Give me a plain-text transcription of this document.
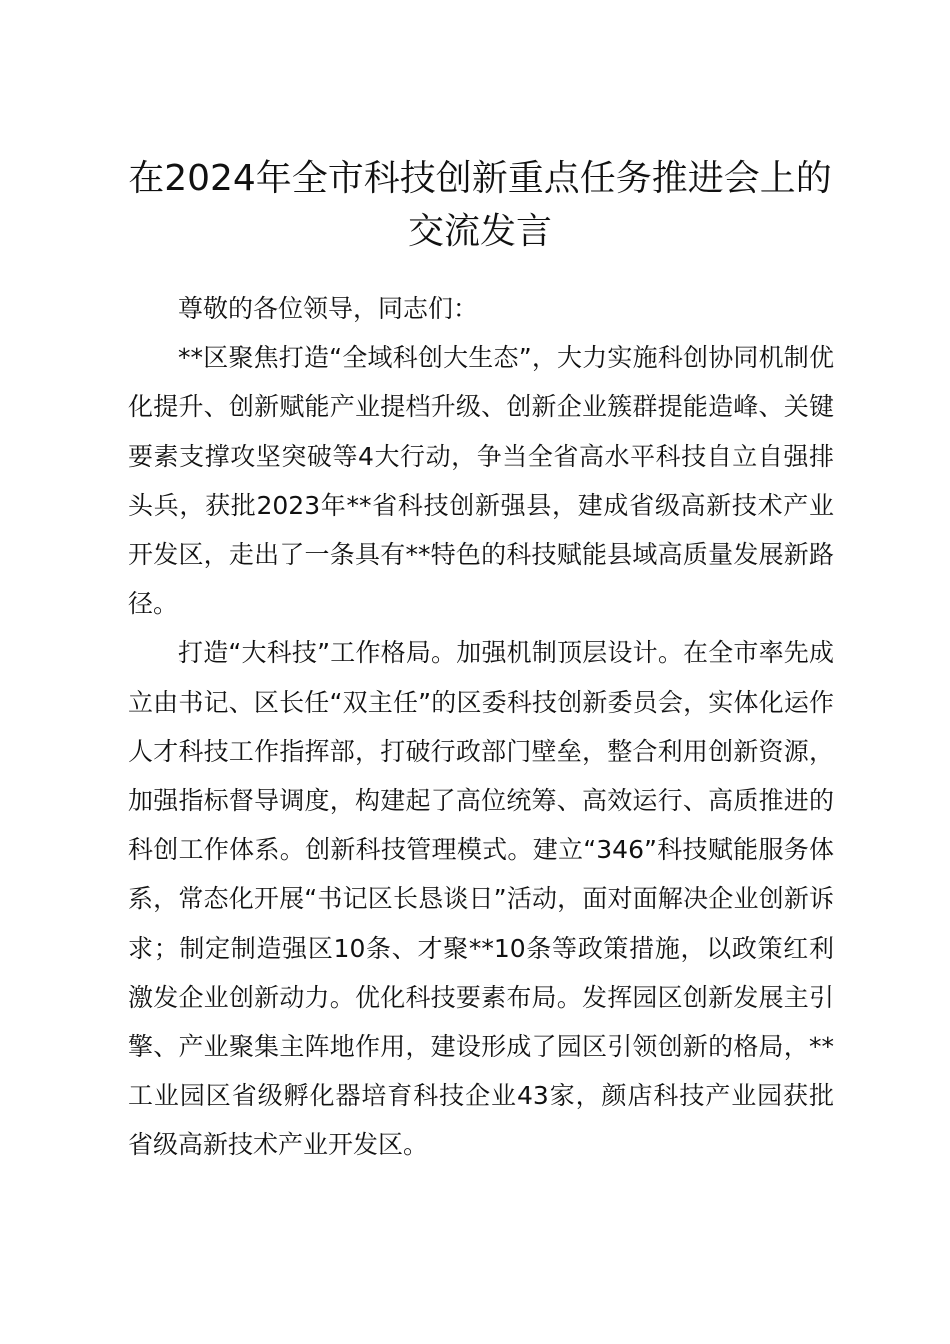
在2024年全市科技创新重点任务推进会上的交流发言

尊敬的各位领导，同志们：

**区聚焦打造“全域科创大生态”，大力实施科创协同机制优化提升、创新赋能产业提档升级、创新企业簇群提能造峰、关键要素支撑攻坚突破等4大行动，争当全省高水平科技自立自强排头兵，获批2023年**省科技创新强县，建成省级高新技术产业开发区，走出了一条具有**特色的科技赋能县域高质量发展新路径。

打造“大科技”工作格局。加强机制顶层设计。在全市率先成立由书记、区长任“双主任”的区委科技创新委员会，实体化运作人才科技工作指挥部，打破行政部门壁垒，整合利用创新资源，加强指标督导调度，构建起了高位统筹、高效运行、高质推进的科创工作体系。创新科技管理模式。建立“346”科技赋能服务体系，常态化开展“书记区长恳谈日”活动，面对面解决企业创新诉求；制定制造强区10条、才聚**10条等政策措施，以政策红利激发企业创新动力。优化科技要素布局。发挥园区创新发展主引擎、产业聚集主阵地作用，建设形成了园区引领创新的格局，**工业园区省级孵化器培育科技企业43家，颜店科技产业园获批省级高新技术产业开发区。
